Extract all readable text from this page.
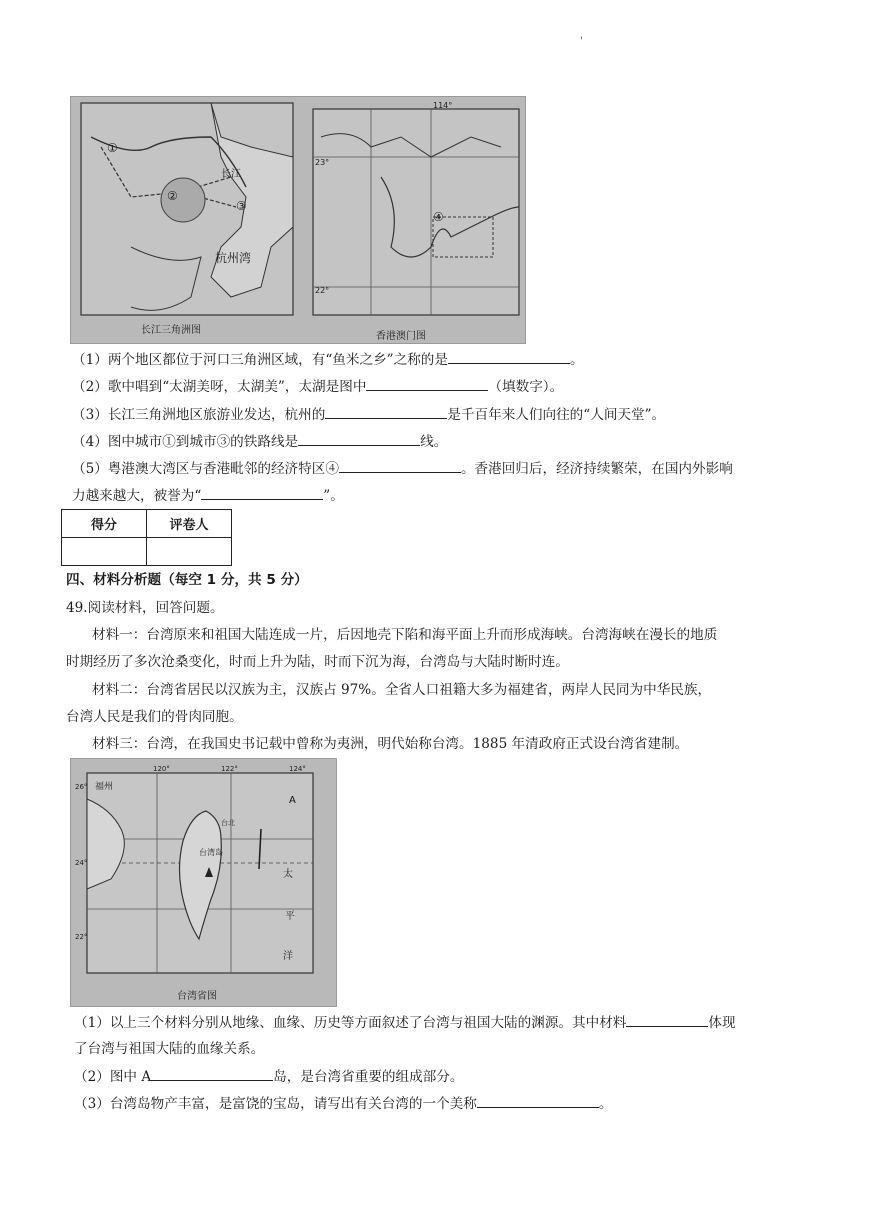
'
①
②
③
杭州湾
长江
④
114°
23°
22°
长江三角洲图
香港澳门图
（1）两个地区都位于河口三角洲区域，有“鱼米之乡”之称的是	。
（2）歌中唱到“太湖美呀，太湖美”，太湖是图中	（填数字）。
（3）长江三角洲地区旅游业发达，杭州的	是千百年来人们向往的“人间天堂”。
（4）图中城市①到城市③的铁路线是	线。
（5）粤港澳大湾区与香港毗邻的经济特区④	。香港回归后，经济持续繁荣，在国内外影响
力越来越大，被誉为“	”。
得分	评卷人

四、材料分析题（每空 1 分，共 5 分）
49.阅读材料，回答问题。
材料一：台湾原来和祖国大陆连成一片，后因地壳下陷和海平面上升而形成海峡。台湾海峡在漫长的地质
时期经历了多次沧桑变化，时而上升为陆，时而下沉为海，台湾岛与大陆时断时连。
材料二：台湾省居民以汉族为主，汉族占 97%。全省人口祖籍大多为福建省，两岸人民同为中华民族，
台湾人民是我们的骨肉同胞。
材料三：台湾，在我国史书记载中曾称为夷洲，明代始称台湾。1885 年清政府正式设台湾省建制。
福州
120°	122°	124°
26°
24°
22°
A
台北
台湾岛
太
平
洋
台湾省图
（1）以上三个材料分别从地缘、血缘、历史等方面叙述了台湾与祖国大陆的渊源。其中材料	体现
了台湾与祖国大陆的血缘关系。
（2）图中 A	岛，是台湾省重要的组成部分。
（3）台湾岛物产丰富，是富饶的宝岛，请写出有关台湾的一个美称	。
